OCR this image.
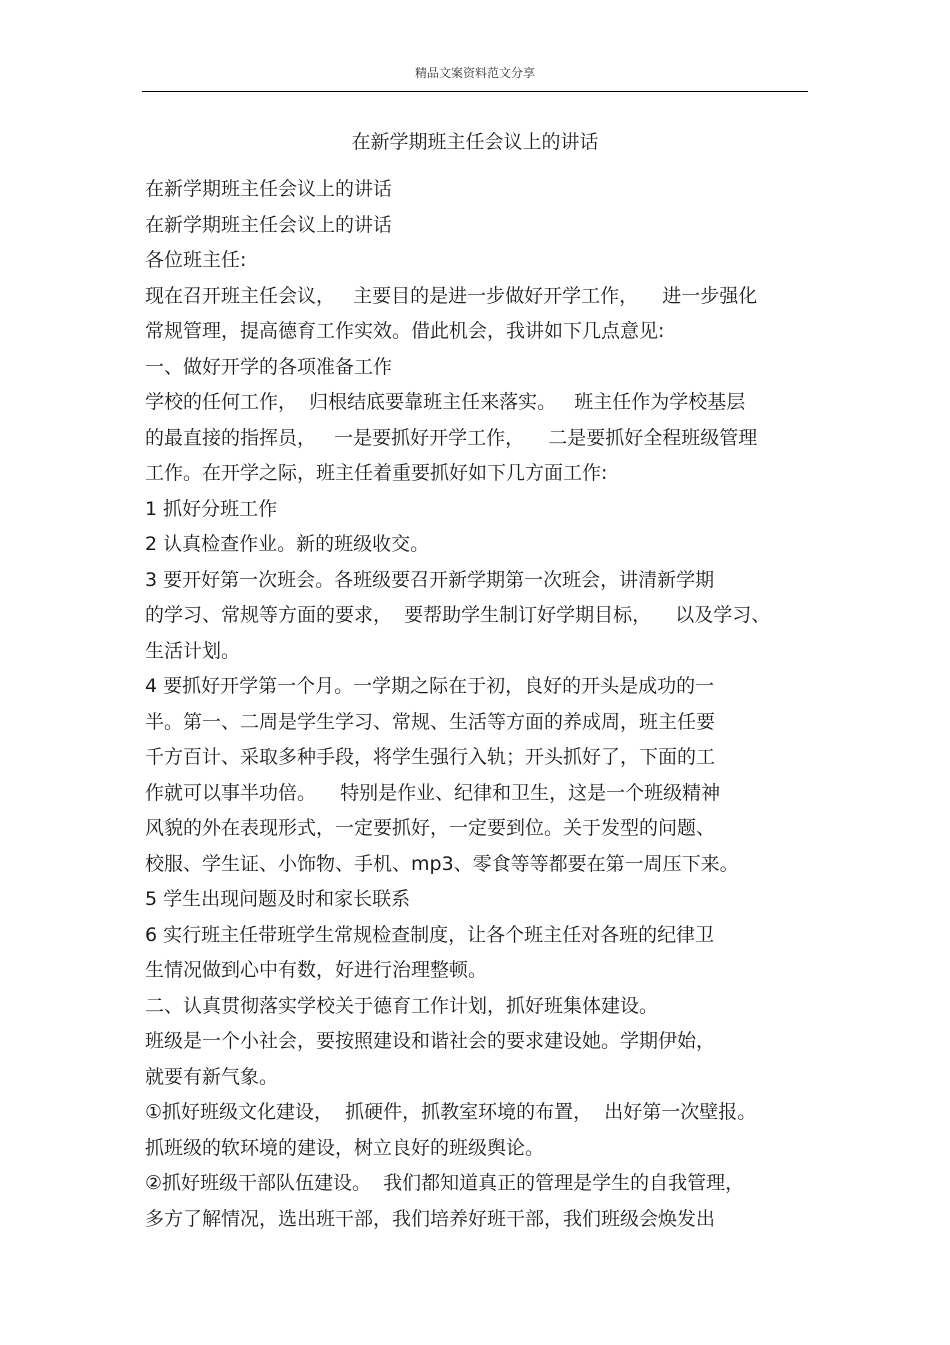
精品文案资料范文分享
在新学期班主任会议上的讲话

在新学期班主任会议上的讲话

在新学期班主任会议上的讲话

各位班主任:

现在召开班主任会议，   主要目的是进一步做好开学工作，    进一步强化

常规管理，提高德育工作实效。借此机会，我讲如下几点意见:

一、做好开学的各项准备工作

学校的任何工作，  归根结底要靠班主任来落实。   班主任作为学校基层

的最直接的指挥员，   一是要抓好开学工作，    二是要抓好全程班级管理

工作。在开学之际，班主任着重要抓好如下几方面工作:

1 抓好分班工作

2 认真检查作业。新的班级收交。

3 要开好第一次班会。各班级要召开新学期第一次班会，讲清新学期

的学习、常规等方面的要求，  要帮助学生制订好学期目标，    以及学习、

生活计划。

4 要抓好开学第一个月。一学期之际在于初，良好的开头是成功的一

半。第一、二周是学生学习、常规、生活等方面的养成周，班主任要

千方百计、采取多种手段，将学生强行入轨；开头抓好了，下面的工

作就可以事半功倍。    特别是作业、纪律和卫生，这是一个班级精神

风貌的外在表现形式，一定要抓好，一定要到位。关于发型的问题、

校服、学生证、小饰物、手机、mp3、零食等等都要在第一周压下来。

5 学生出现问题及时和家长联系

6 实行班主任带班学生常规检查制度，让各个班主任对各班的纪律卫

生情况做到心中有数，好进行治理整顿。

二、认真贯彻落实学校关于德育工作计划，抓好班集体建设。

班级是一个小社会，要按照建设和谐社会的要求建设她。学期伊始，

就要有新气象。

①抓好班级文化建设，  抓硬件，抓教室环境的布置，  出好第一次壁报。

抓班级的软环境的建设，树立良好的班级舆论。

②抓好班级干部队伍建设。  我们都知道真正的管理是学生的自我管理，

多方了解情况，选出班干部，我们培养好班干部，我们班级会焕发出
